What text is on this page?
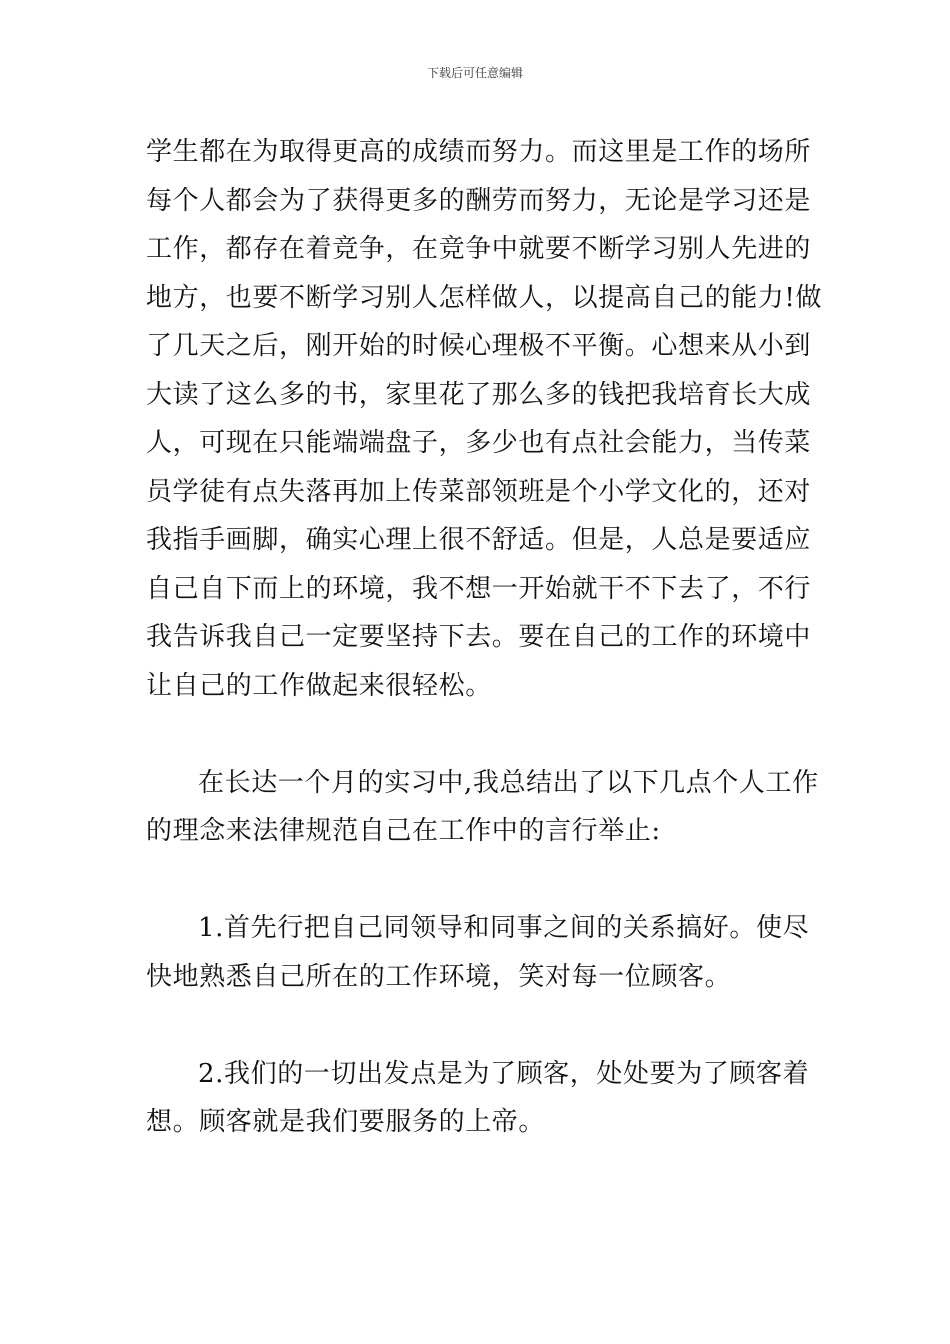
下载后可任意编辑
学生都在为取得更高的成绩而努力。而这里是工作的场所
每个人都会为了获得更多的酬劳而努力，无论是学习还是
工作，都存在着竞争，在竞争中就要不断学习别人先进的
地方，也要不断学习别人怎样做人，以提高自己的能力!做
了几天之后，刚开始的时候心理极不平衡。心想来从小到
大读了这么多的书，家里花了那么多的钱把我培育长大成
人，可现在只能端端盘子，多少也有点社会能力，当传菜
员学徒有点失落再加上传菜部领班是个小学文化的，还对
我指手画脚，确实心理上很不舒适。但是，人总是要适应
自己自下而上的环境，我不想一开始就干不下去了，不行
我告诉我自己一定要坚持下去。要在自己的工作的环境中
让自己的工作做起来很轻松。
在长达一个月的实习中,我总结出了以下几点个人工作
的理念来法律规范自己在工作中的言行举止:
1.首先行把自己同领导和同事之间的关系搞好。使尽
快地熟悉自己所在的工作环境，笑对每一位顾客。
2.我们的一切出发点是为了顾客，处处要为了顾客着
想。顾客就是我们要服务的上帝。
